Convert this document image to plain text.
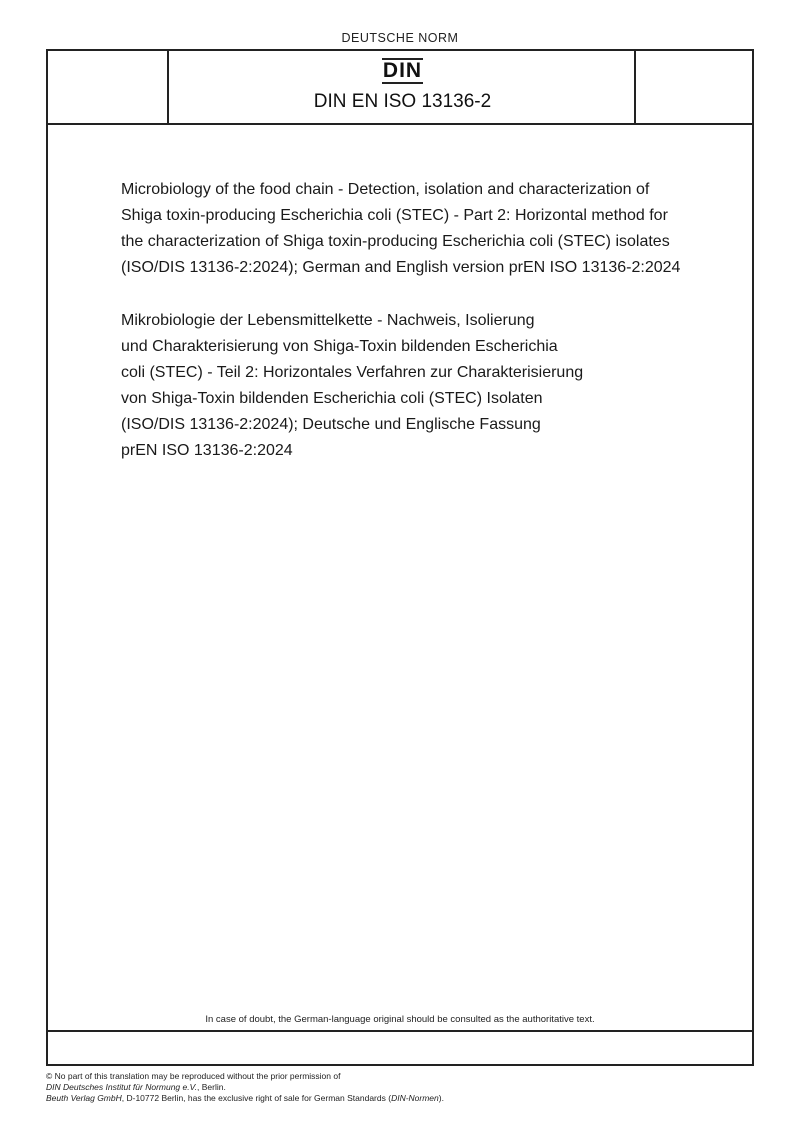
DEUTSCHE NORM
DIN
DIN EN ISO 13136-2

Microbiology of the food chain - Detection, isolation and characterization of
Shiga toxin-producing Escherichia coli (STEC) - Part 2: Horizontal method for
the characterization of Shiga toxin-producing Escherichia coli (STEC) isolates
(ISO/DIS 13136-2:2024); German and English version prEN ISO 13136-2:2024

Mikrobiologie der Lebensmittelkette - Nachweis, Isolierung
und Charakterisierung von Shiga-Toxin bildenden Escherichia
coli (STEC) - Teil 2: Horizontales Verfahren zur Charakterisierung
von Shiga-Toxin bildenden Escherichia coli (STEC) Isolaten
(ISO/DIS 13136-2:2024); Deutsche und Englische Fassung
prEN ISO 13136-2:2024

In case of doubt, the German-language original should be consulted as the authoritative text.
© No part of this translation may be reproduced without the prior permission of
DIN Deutsches Institut für Normung e.V., Berlin.
Beuth Verlag GmbH, D-10772 Berlin, has the exclusive right of sale for German Standards (DIN-Normen).
